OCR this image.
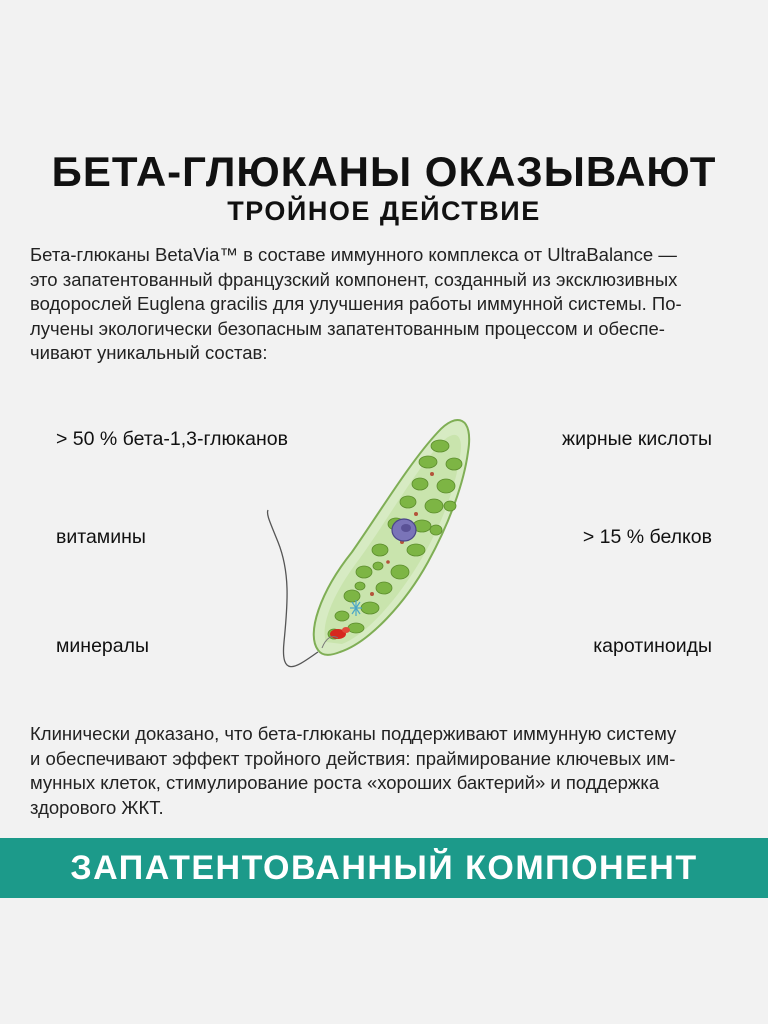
БЕТА-ГЛЮКАНЫ ОКАЗЫВАЮТ
ТРОЙНОЕ ДЕЙСТВИЕ
Бета-глюканы BetaVia™ в составе иммунного комплекса от UltraBalance —
это запатентованный французский компонент, созданный из эксклюзивных
водорослей Euglena gracilis для улучшения работы иммунной системы. По-
лучены экологически безопасным запатентованным процессом и обеспе-
чивают уникальный состав:
> 50 % бета-1,3-глюканов
витамины
минералы
жирные кислоты
> 15 % белков
каротиноиды
Клинически доказано, что бета-глюканы поддерживают иммунную систему
и обеспечивают эффект тройного действия: праймирование ключевых им-
мунных клеток, стимулирование роста «хороших бактерий» и поддержка
здорового ЖКТ.
ЗАПАТЕНТОВАННЫЙ КОМПОНЕНТ
